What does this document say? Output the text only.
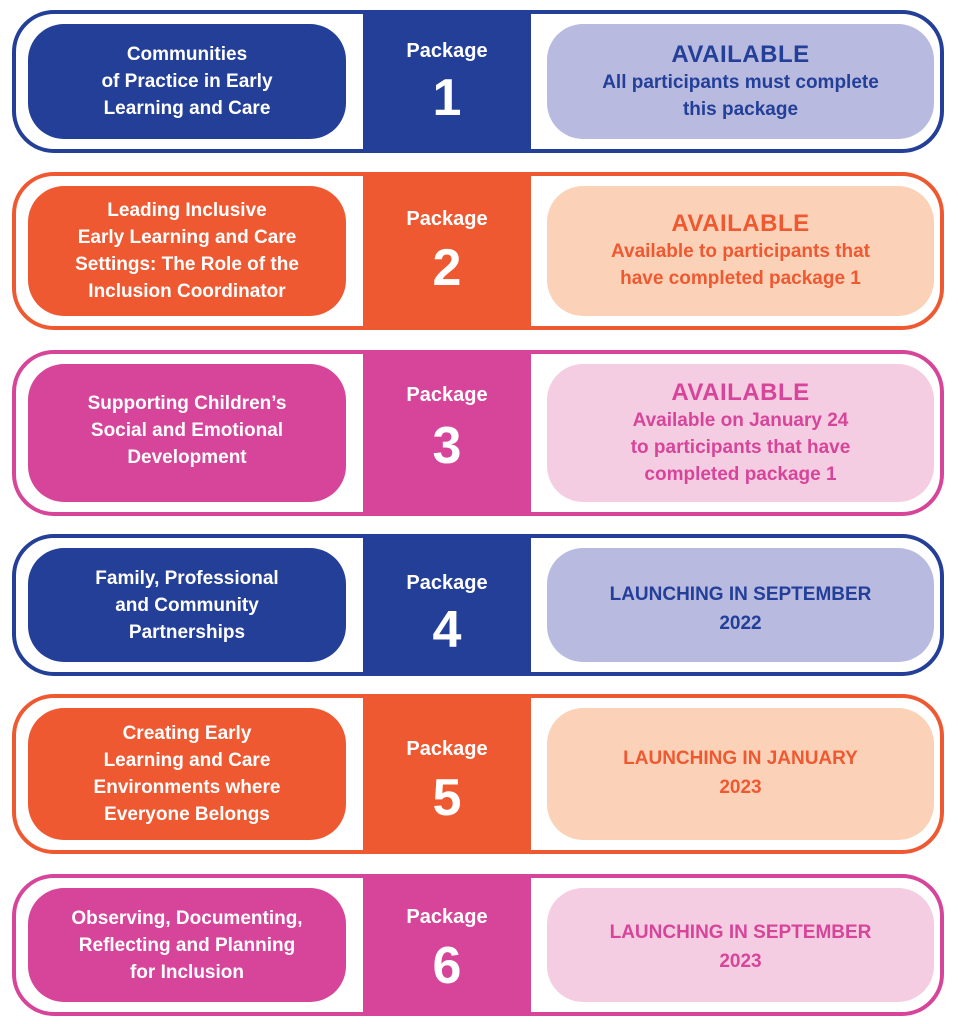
Communities
of Practice in Early
Learning and Care
Package
1
AVAILABLE
All participants must complete
this package
Leading Inclusive
Early Learning and Care
Settings: The Role of the
Inclusion Coordinator
Package
2
AVAILABLE
Available to participants that
have completed package 1
Supporting Children’s
Social and Emotional
Development
Package
3
AVAILABLE
Available on January 24
to participants that have
completed package 1
Family, Professional
and Community
Partnerships
Package
4
LAUNCHING IN SEPTEMBER
2022
Creating Early
Learning and Care
Environments where
Everyone Belongs
Package
5
LAUNCHING IN JANUARY
2023
Observing, Documenting,
Reflecting and Planning
for Inclusion
Package
6
LAUNCHING IN SEPTEMBER
2023
